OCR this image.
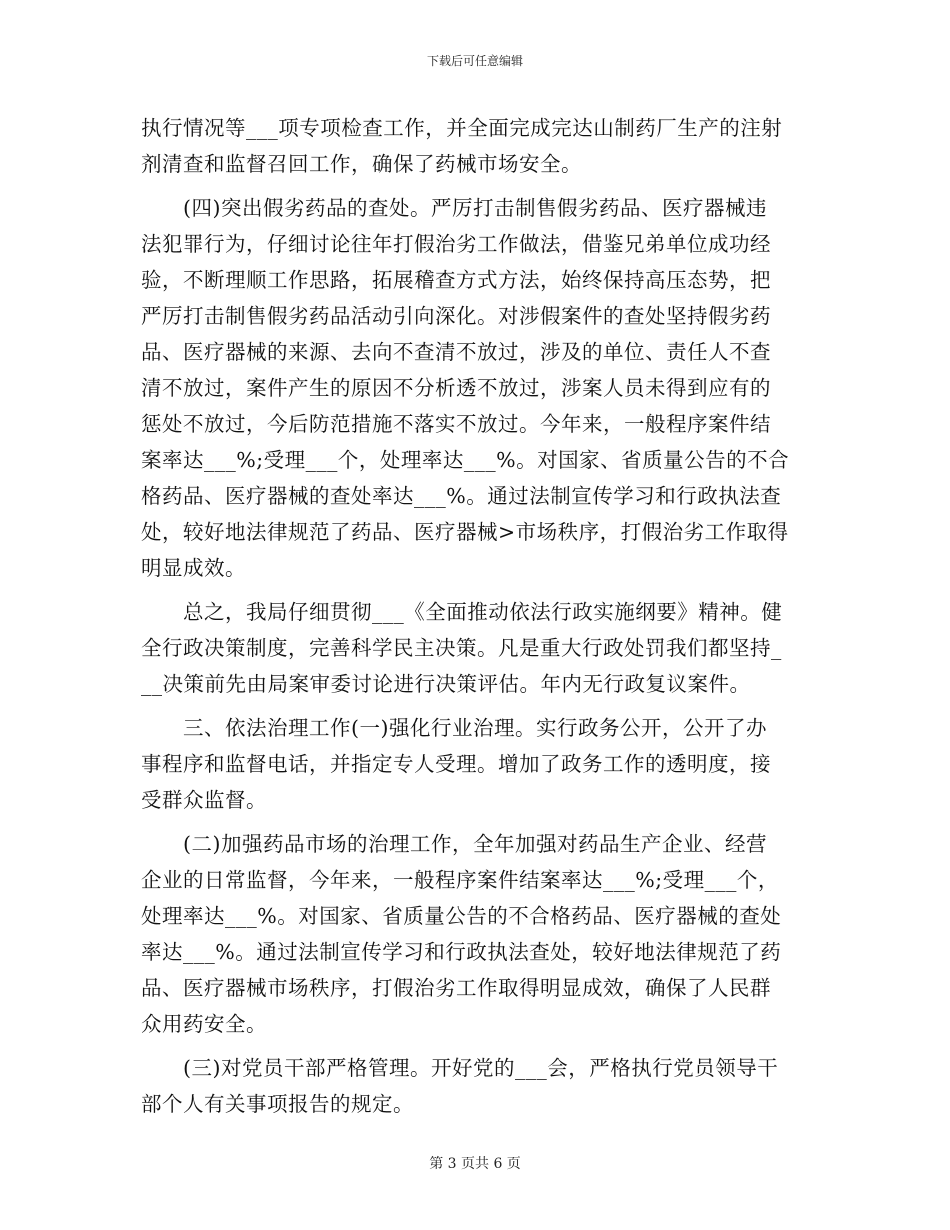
下载后可任意编辑
执行情况等___项专项检查工作，并全面完成完达山制药厂生产的注射
剂清查和监督召回工作，确保了药械市场安全。
　　(四)突出假劣药品的查处。严厉打击制售假劣药品、医疗器械违
法犯罪行为，仔细讨论往年打假治劣工作做法，借鉴兄弟单位成功经
验，不断理顺工作思路，拓展稽查方式方法，始终保持高压态势，把
严厉打击制售假劣药品活动引向深化。对涉假案件的查处坚持假劣药
品、医疗器械的来源、去向不查清不放过，涉及的单位、责任人不查
清不放过，案件产生的原因不分析透不放过，涉案人员未得到应有的
惩处不放过，今后防范措施不落实不放过。今年来，一般程序案件结
案率达___%;受理___个，处理率达___%。对国家、省质量公告的不合
格药品、医疗器械的查处率达___%。通过法制宣传学习和行政执法查
处，较好地法律规范了药品、医疗器械>市场秩序，打假治劣工作取得
明显成效。
　　总之，我局仔细贯彻___《全面推动依法行政实施纲要》精神。健
全行政决策制度，完善科学民主决策。凡是重大行政处罚我们都坚持_
__决策前先由局案审委讨论进行决策评估。年内无行政复议案件。
　　三、依法治理工作(一)强化行业治理。实行政务公开，公开了办
事程序和监督电话，并指定专人受理。增加了政务工作的透明度，接
受群众监督。
　　(二)加强药品市场的治理工作，全年加强对药品生产企业、经营
企业的日常监督，今年来，一般程序案件结案率达___%;受理___个，
处理率达___%。对国家、省质量公告的不合格药品、医疗器械的查处
率达___%。通过法制宣传学习和行政执法查处，较好地法律规范了药
品、医疗器械市场秩序，打假治劣工作取得明显成效，确保了人民群
众用药安全。
　　(三)对党员干部严格管理。开好党的___会，严格执行党员领导干
部个人有关事项报告的规定。
第 3 页共 6 页
